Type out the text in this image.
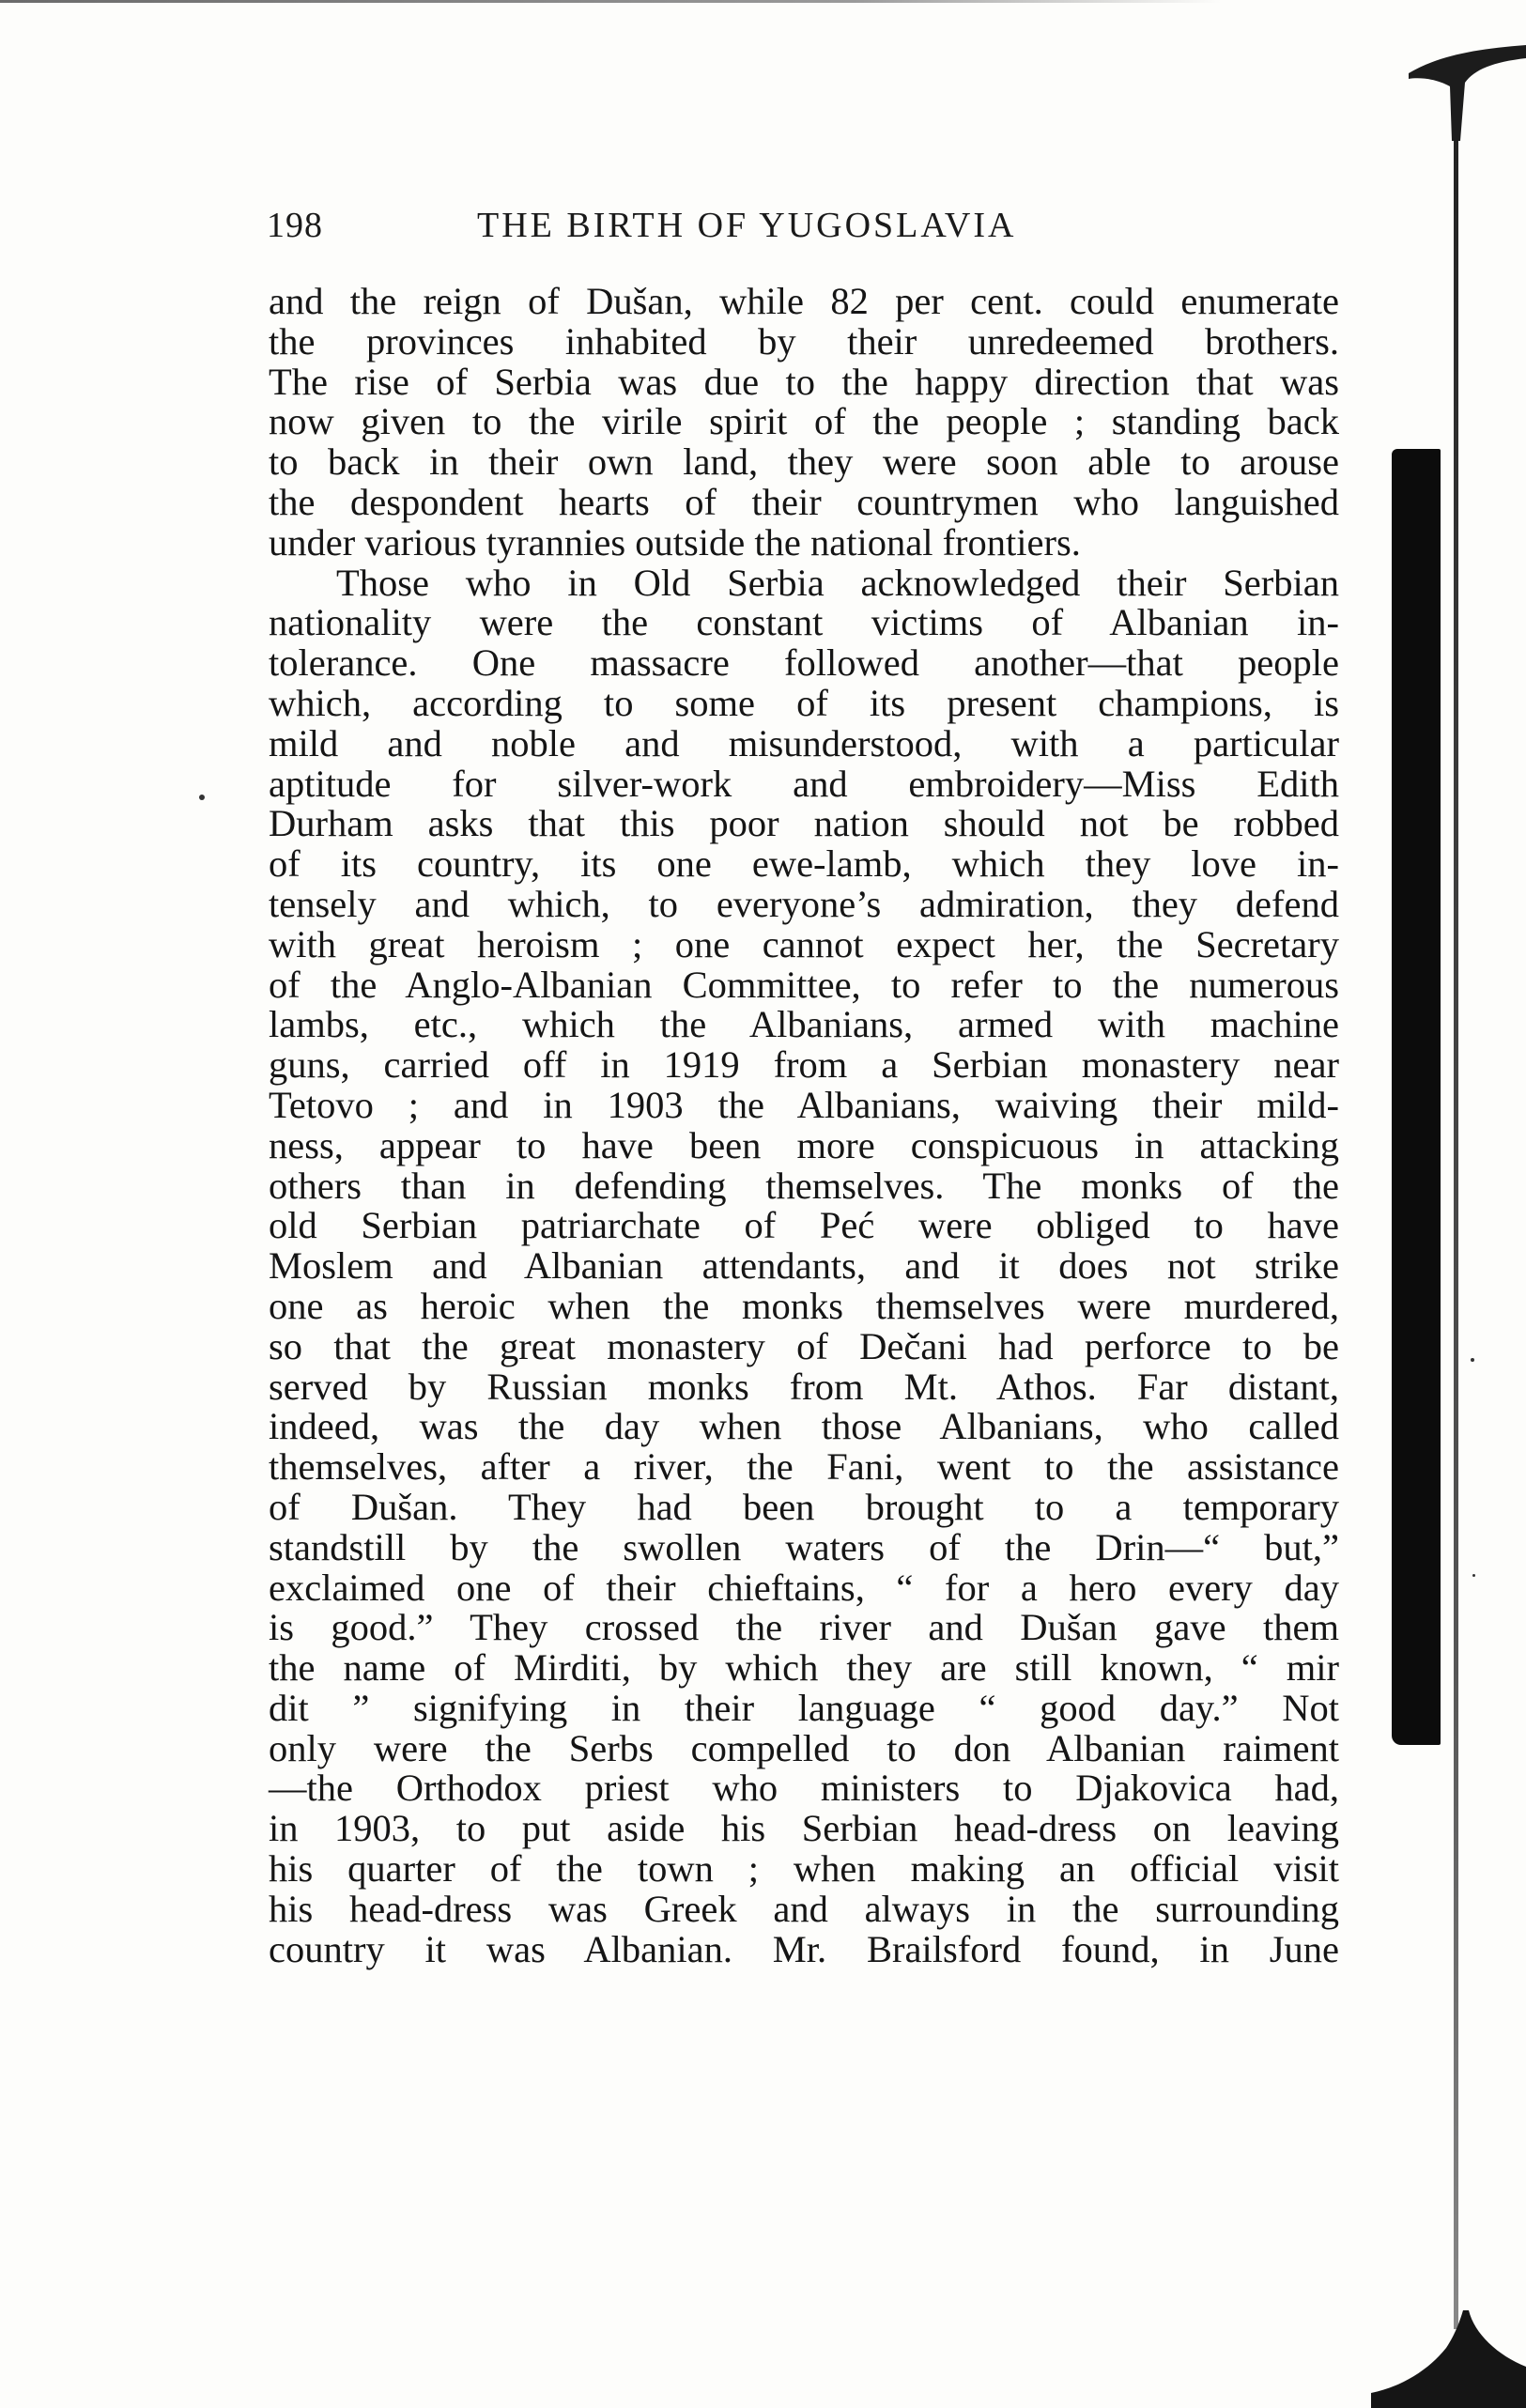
198	THE BIRTH OF YUGOSLAVIA
and the reign of Dušan, while 82 per cent. could enumerate
the provinces inhabited by their unredeemed brothers.
The rise of Serbia was due to the happy direction that was
now given to the virile spirit of the people ; standing back
to back in their own land, they were soon able to arouse
the despondent hearts of their countrymen who languished
under various tyrannies outside the national frontiers.
Those who in Old Serbia acknowledged their Serbian
nationality were the constant victims of Albanian in-
tolerance. One massacre followed another—that people
which, according to some of its present champions, is
mild and noble and misunderstood, with a particular
aptitude for silver-work and embroidery—Miss Edith
Durham asks that this poor nation should not be robbed
of its country, its one ewe-lamb, which they love in-
tensely and which, to everyone’s admiration, they defend
with great heroism ; one cannot expect her, the Secretary
of the Anglo-Albanian Committee, to refer to the numerous
lambs, etc., which the Albanians, armed with machine
guns, carried off in 1919 from a Serbian monastery near
Tetovo ; and in 1903 the Albanians, waiving their mild-
ness, appear to have been more conspicuous in attacking
others than in defending themselves. The monks of the
old Serbian patriarchate of Peć were obliged to have
Moslem and Albanian attendants, and it does not strike
one as heroic when the monks themselves were murdered,
so that the great monastery of Dečani had perforce to be
served by Russian monks from Mt. Athos. Far distant,
indeed, was the day when those Albanians, who called
themselves, after a river, the Fani, went to the assistance
of Dušan. They had been brought to a temporary
standstill by the swollen waters of the Drin—“ but,”
exclaimed one of their chieftains, “ for a hero every day
is good.” They crossed the river and Dušan gave them
the name of Mirditi, by which they are still known, “ mir
dit ” signifying in their language “ good day.” Not
only were the Serbs compelled to don Albanian raiment
—the Orthodox priest who ministers to Djakovica had,
in 1903, to put aside his Serbian head-dress on leaving
his quarter of the town ; when making an official visit
his head-dress was Greek and always in the surrounding
country it was Albanian. Mr. Brailsford found, in June
